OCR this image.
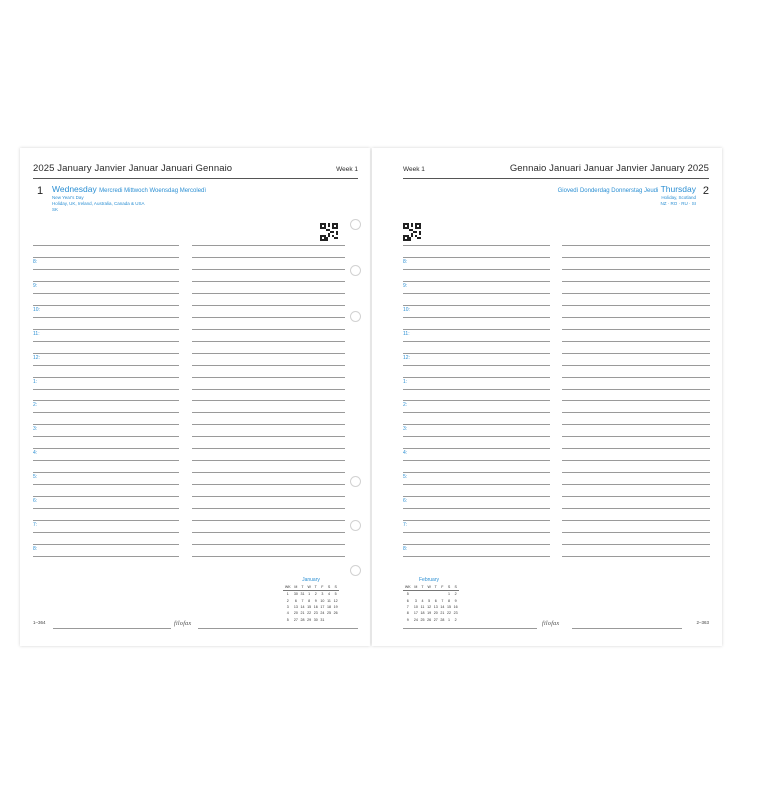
2025 January Janvier Januar Januari Gennaio	Week 1
1 Wednesday Mercredi Mittwoch Woensdag Mercoledì
New Year's Day
Holiday, UK, Ireland, Australia, Canada & USA
SK
8:
9:
10:
11:
12:
1:
2:
3:
4:
5:
6:
7:
8:
January
WK	M	T	W	T	F	S	S
1	30	31	1	2	3	4	5
2	6	7	8	9	10	11	12
3	13	14	15	16	17	18	19
4	20	21	22	23	24	25	26
5	27	28	29	30	31		
1–364	filofax
Week 1	Gennaio Januari Januar Janvier January 2025
Giovedì Donderdag Donnerstag Jeudi Thursday 2
Holiday, Scotland
NZ · RO · RU · SI
8:
9:
10:
11:
12:
1:
2:
3:
4:
5:
6:
7:
8:
February
WK	M	T	W	T	F	S	S
5						1	2
6	3	4	5	6	7	8	9
7	10	11	12	13	14	15	16
8	17	18	19	20	21	22	23
9	24	25	26	27	28	1	2
filofax	2–363
